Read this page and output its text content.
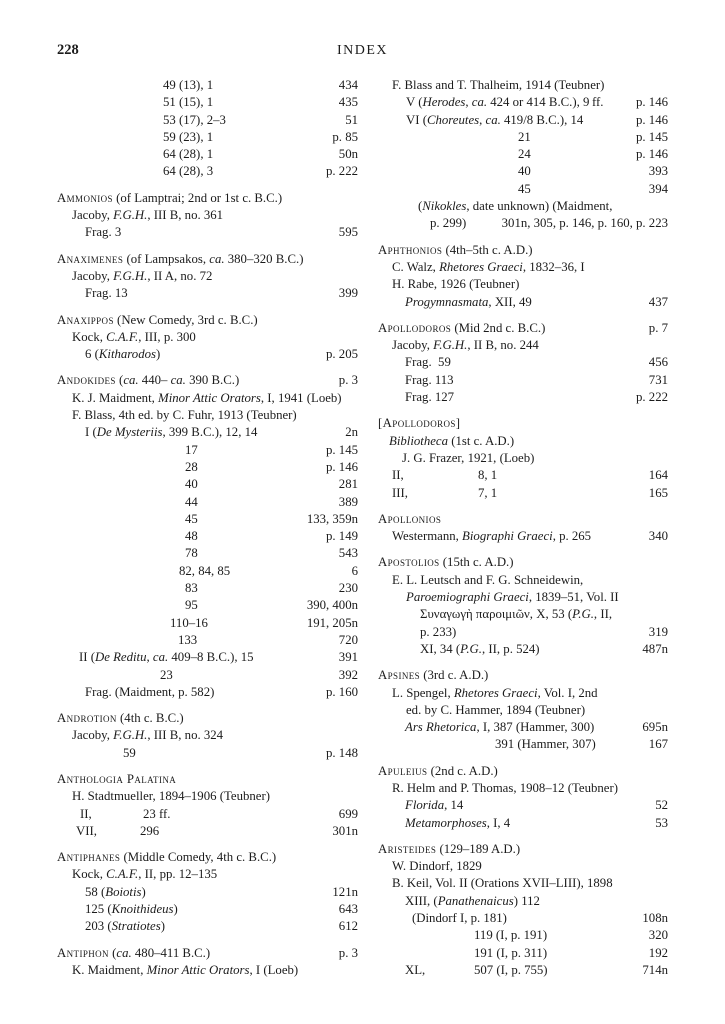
228	INDEX
49 (13), 1	434
51 (15), 1	435
53 (17), 2–3	51
59 (23), 1	p. 85
64 (28), 1	50n
64 (28), 3	p. 222
Ammonios (of Lamptrai; 2nd or 1st c. B.C.)
Jacoby, F.G.H., III B, no. 361
Frag. 3	595
Anaximenes (of Lampsakos, ca. 380–320 B.C.)
Jacoby, F.G.H., II A, no. 72
Frag. 13	399
Anaxippos (New Comedy, 3rd c. B.C.)
Kock, C.A.F., III, p. 300
6 (Kitharodos)	p. 205
Andokides (ca. 440– ca. 390 B.C.)	p. 3
K. J. Maidment, Minor Attic Orators, I, 1941 (Loeb)
F. Blass, 4th ed. by C. Fuhr, 1913 (Teubner)
I (De Mysteriis, 399 B.C.), 12, 14	2n
17	p. 145
28	p. 146
40	281
44	389
45	133, 359n
48	p. 149
78	543
82, 84, 85	6
83	230
95	390, 400n
110–16	191, 205n
133	720
II (De Reditu, ca. 409–8 B.C.), 15	391
23	392
Frag. (Maidment, p. 582)	p. 160
Androtion (4th c. B.C.)
Jacoby, F.G.H., III B, no. 324
59	p. 148
Anthologia Palatina
H. Stadtmueller, 1894–1906 (Teubner)
II,	23 ff.	699
VII,	296	301n
Antiphanes (Middle Comedy, 4th c. B.C.)
Kock, C.A.F., II, pp. 12–135
58 (Boiotis)	121n
125 (Knoithideus)	643
203 (Stratiotes)	612
Antiphon (ca. 480–411 B.C.)	p. 3
K. Maidment, Minor Attic Orators, I (Loeb)
F. Blass and T. Thalheim, 1914 (Teubner)
V (Herodes, ca. 424 or 414 B.C.), 9 ff.	p. 146
VI (Choreutes, ca. 419/8 B.C.), 14	p. 146
21	p. 145
24	p. 146
40	393
45	394
(Nikokles, date unknown) (Maidment,
p. 299)	301n, 305, p. 146, p. 160, p. 223
Aphthonios (4th–5th c. A.D.)
C. Walz, Rhetores Graeci, 1832–36, I
H. Rabe, 1926 (Teubner)
Progymnasmata, XII, 49	437
Apollodoros (Mid 2nd c. B.C.)	p. 7
Jacoby, F.G.H., II B, no. 244
Frag.  59	456
Frag. 113	731
Frag. 127	p. 222
[Apollodoros]
Bibliotheca (1st c. A.D.)
J. G. Frazer, 1921, (Loeb)
II,	8, 1	164
III,	7, 1	165
Apollonios
Westermann, Biographi Graeci, p. 265	340
Apostolios (15th c. A.D.)
E. L. Leutsch and F. G. Schneidewin,
Paroemiographi Graeci, 1839–51, Vol. II
Συναγωγὴ παροιμιῶν, X, 53 (P.G., II,
p. 233)	319
XI, 34 (P.G., II, p. 524)	487n
Apsines (3rd c. A.D.)
L. Spengel, Rhetores Graeci, Vol. I, 2nd
ed. by C. Hammer, 1894 (Teubner)
Ars Rhetorica, I, 387 (Hammer, 300)	695n
391 (Hammer, 307)	167
Apuleius (2nd c. A.D.)
R. Helm and P. Thomas, 1908–12 (Teubner)
Florida, 14	52
Metamorphoses, I, 4	53
Aristeides (129–189 A.D.)
W. Dindorf, 1829
B. Keil, Vol. II (Orations XVII–LIII), 1898
XIII, (Panathenaicus) 112
(Dindorf I, p. 181)	108n
119 (I, p. 191)	320
191 (I, p. 311)	192
XL,	507 (I, p. 755)	714n
